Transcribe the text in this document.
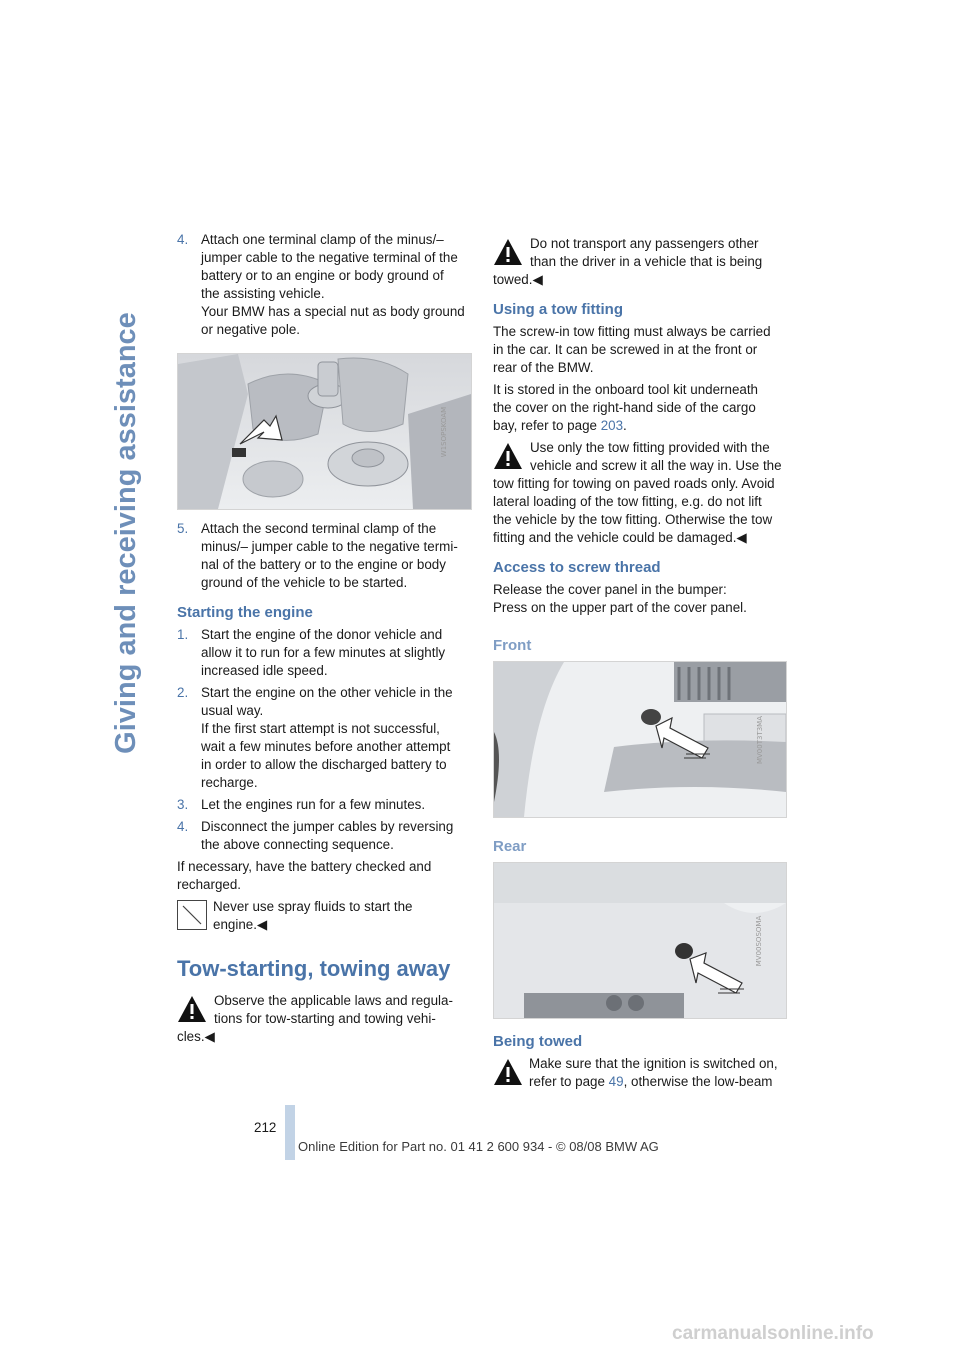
Giving and receiving assistance
4. Attach one terminal clamp of the minus/–
jumper cable to the negative terminal of the
battery or to an engine or body ground of
the assisting vehicle.
Your BMW has a special nut as body ground
or negative pole.
W1SOPSKOAM
5. Attach the second terminal clamp of the
minus/– jumper cable to the negative termi-
nal of the battery or to the engine or body
ground of the vehicle to be started.
Starting the engine
1. Start the engine of the donor vehicle and
allow it to run for a few minutes at slightly
increased idle speed.
2. Start the engine on the other vehicle in the
usual way.
If the first start attempt is not successful,
wait a few minutes before another attempt
in order to allow the discharged battery to
recharge.
3. Let the engines run for a few minutes.
4. Disconnect the jumper cables by reversing
the above connecting sequence.

If necessary, have the battery checked and
recharged.

Never use spray fluids to start the
engine.◀
Tow-starting, towing away
Observe the applicable laws and regula-
tions for tow-starting and towing vehi-
cles.◀
Do not transport any passengers other
than the driver in a vehicle that is being
towed.◀
Using a tow fitting

The screw-in tow fitting must always be carried
in the car. It can be screwed in at the front or
rear of the BMW.

It is stored in the onboard tool kit underneath
the cover on the right-hand side of the cargo
bay, refer to page 203.

Use only the tow fitting provided with the
vehicle and screw it all the way in. Use the
tow fitting for towing on paved roads only. Avoid
lateral loading of the tow fitting, e.g. do not lift
the vehicle by the tow fitting. Otherwise the tow
fitting and the vehicle could be damaged.◀
Access to screw thread

Release the cover panel in the bumper:
Press on the upper part of the cover panel.

Front
MV00T3T3MA
Rear
MV00SOSOMA
Being towed
Make sure that the ignition is switched on,
refer to page 49, otherwise the low-beam
212
Online Edition for Part no. 01 41 2 600 934 - © 08/08 BMW AG
carmanualsonline.info
